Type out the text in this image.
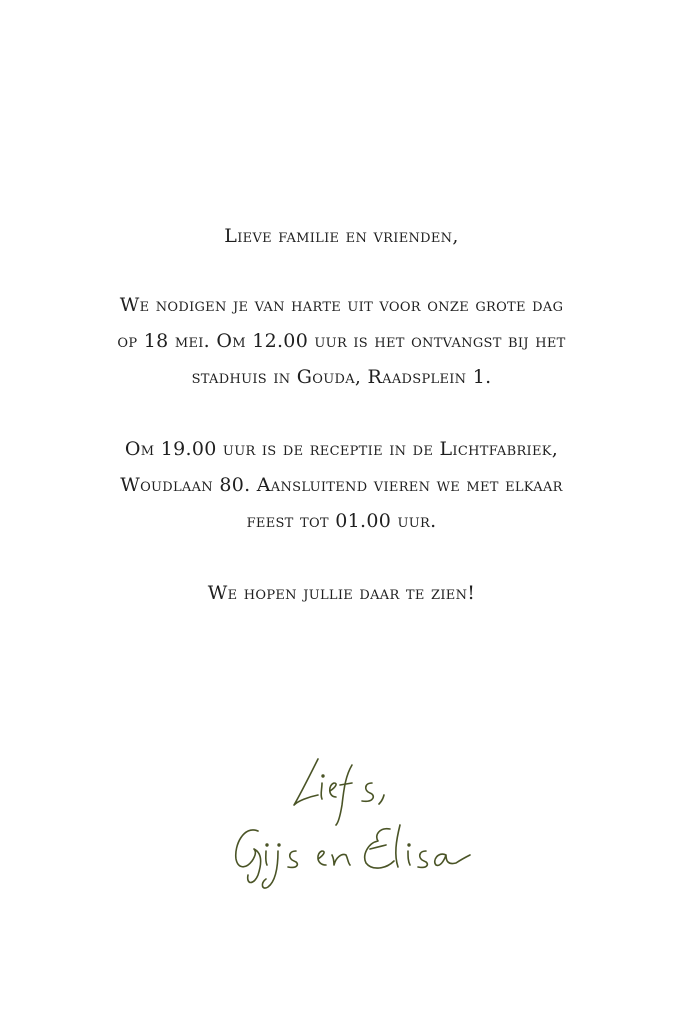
Lieve familie en vrienden,
We nodigen je van harte uit voor onze grote dag
op 18 mei. Om 12.00 uur is het ontvangst bij het
stadhuis in Gouda, Raadsplein 1.
Om 19.00 uur is de receptie in de Lichtfabriek,
Woudlaan 80. Aansluitend vieren we met elkaar
feest tot 01.00 uur.
We hopen jullie daar te zien!
